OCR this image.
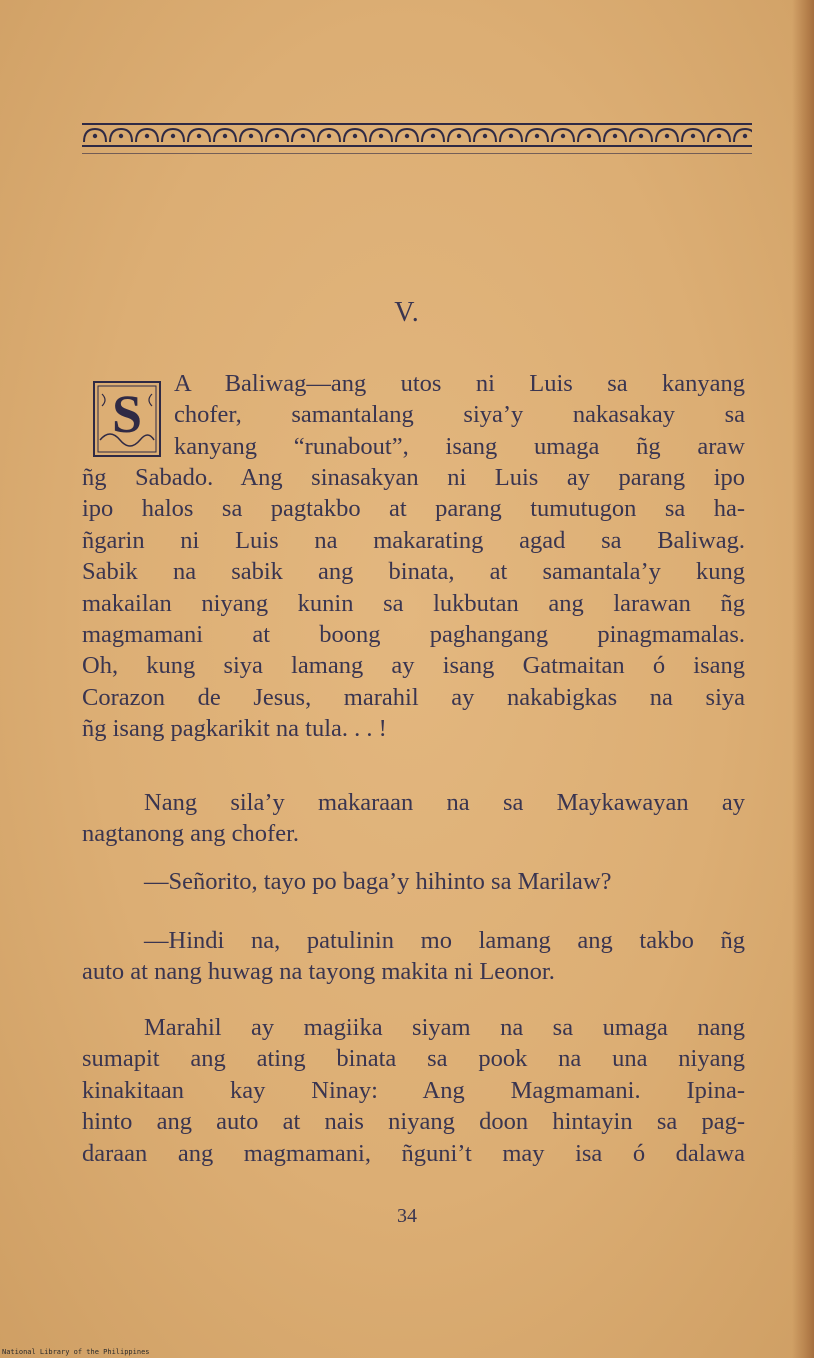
V.
S
A Baliwag—ang utos ni Luis sa kanyang
chofer, samantalang siya’y nakasakay sa
kanyang “runabout”, isang umaga ñg araw
ñg Sabado. Ang sinasakyan ni Luis ay parang ipo
ipo halos sa pagtakbo at parang tumutugon sa ha-
ñgarin ni Luis na makarating agad sa Baliwag.
Sabik na sabik ang binata, at samantala’y kung
makailan niyang kunin sa lukbutan ang larawan ñg
magmamani at boong paghangang pinagmamalas.
Oh, kung siya lamang ay isang Gatmaitan ó isang
Corazon de Jesus, marahil ay nakabigkas na siya
ñg isang pagkarikit na tula. . . !
Nang sila’y makaraan na sa Maykawayan ay
nagtanong ang chofer.
—Señorito, tayo po baga’y hihinto sa Marilaw?
—Hindi na, patulinin mo lamang ang takbo ñg
auto at nang huwag na tayong makita ni Leonor.
Marahil ay magiika siyam na sa umaga nang
sumapit ang ating binata sa pook na una niyang
kinakitaan kay Ninay: Ang Magmamani. Ipina-
hinto ang auto at nais niyang doon hintayin sa pag-
daraan ang magmamani, ñguni’t may isa ó dalawa
34
National Library of the Philippines
